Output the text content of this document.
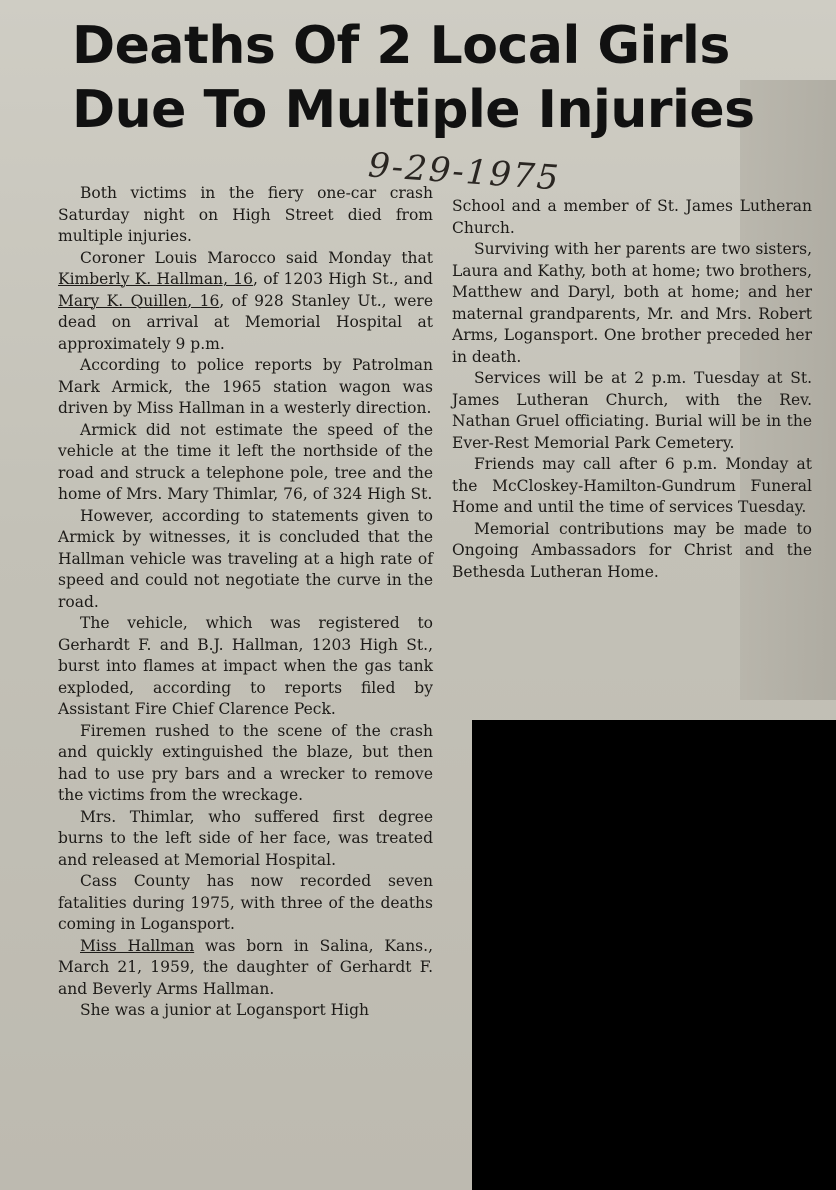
Deaths Of 2 Local Girls
Due To Multiple Injuries
9-29-1975

Both victims in the fiery one-car crash Saturday night on High Street died from multiple injuries.

Coroner Louis Marocco said Monday that Kimberly K. Hallman, 16, of 1203 High St., and Mary K. Quillen, 16, of 928 Stanley Ut., were dead on arrival at Memorial Hospital at approximately 9 p.m.

According to police reports by Patrolman Mark Armick, the 1965 station wagon was driven by Miss Hallman in a westerly direction.

Armick did not estimate the speed of the vehicle at the time it left the northside of the road and struck a telephone pole, tree and the home of Mrs. Mary Thimlar, 76, of 324 High St.

However, according to statements given to Armick by witnesses, it is concluded that the Hallman vehicle was traveling at a high rate of speed and could not negotiate the curve in the road.

The vehicle, which was registered to Gerhardt F. and B.J. Hallman, 1203 High St., burst into flames at impact when the gas tank exploded, according to reports filed by Assistant Fire Chief Clarence Peck.

Firemen rushed to the scene of the crash and quickly extinguished the blaze, but then had to use pry bars and a wrecker to remove the victims from the wreckage.

Mrs. Thimlar, who suffered first degree burns to the left side of her face, was treated and released at Memorial Hospital.

Cass County has now recorded seven fatalities during 1975, with three of the deaths coming in Logansport.

Miss Hallman was born in Salina, Kans., March 21, 1959, the daughter of Gerhardt F. and Beverly Arms Hallman.

She was a junior at Logansport High

School and a member of St. James Lutheran Church.

Surviving with her parents are two sisters, Laura and Kathy, both at home; two brothers, Matthew and Daryl, both at home; and her maternal grandparents, Mr. and Mrs. Robert Arms, Logansport. One brother preceded her in death.

Services will be at 2 p.m. Tuesday at St. James Lutheran Church, with the Rev. Nathan Gruel officiating. Burial will be in the Ever-Rest Memorial Park Cemetery.

Friends may call after 6 p.m. Monday at the McCloskey-Hamilton-Gundrum Funeral Home and until the time of services Tuesday.

Memorial contributions may be made to Ongoing Ambassadors for Christ and the Bethesda Lutheran Home.
